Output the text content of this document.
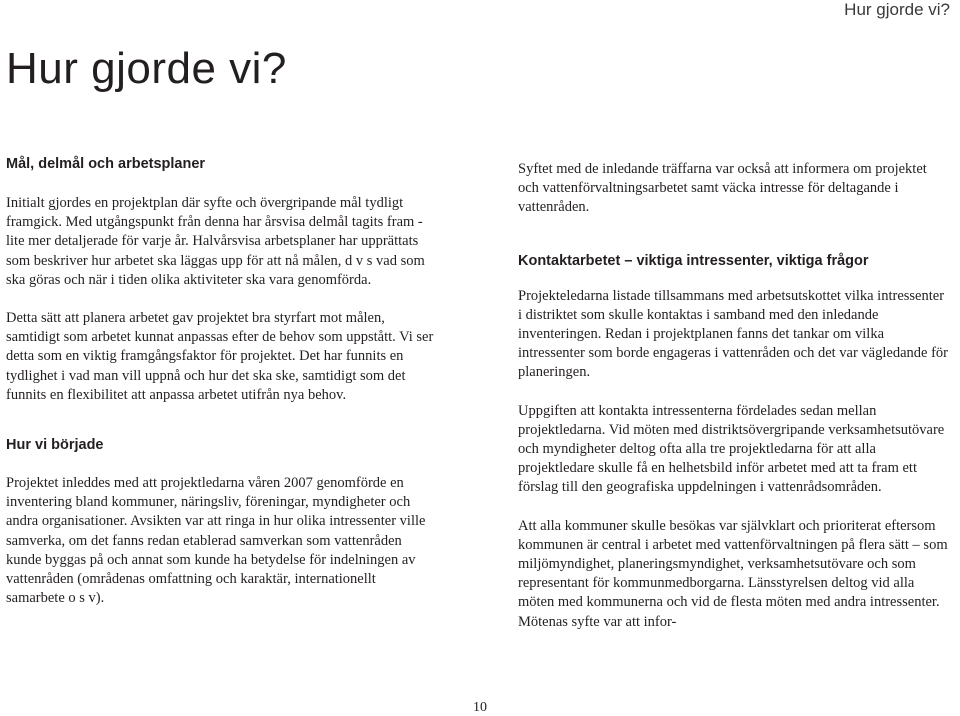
Hur gjorde vi?
Hur gjorde vi?
Mål, delmål och arbetsplaner

Initialt gjordes en projektplan där syfte och övergripande mål tydligt framgick. Med utgångspunkt från denna har årsvisa delmål tagits fram - lite mer detaljerade för varje år. Halvårsvisa arbetsplaner har upprättats som beskriver hur arbetet ska läggas upp för att nå målen, d v s vad som ska göras och när i tiden olika aktiviteter ska vara genomförda.

Detta sätt att planera arbetet gav projektet bra styrfart mot målen, samtidigt som arbetet kunnat anpassas efter de behov som uppstått. Vi ser detta som en viktig framgångsfaktor för projektet. Det har funnits en tydlighet i vad man vill uppnå och hur det ska ske, samtidigt som det funnits en flexibilitet att anpassa arbetet utifrån nya behov.

Hur vi började

Projektet inleddes med att projektledarna våren 2007 genomförde en inventering bland kommuner, näringsliv, föreningar, myndigheter och andra organisationer. Avsikten var att ringa in hur olika intressenter ville samverka, om det fanns redan etablerad samverkan som vattenråden kunde byggas på och annat som kunde ha betydelse för indelningen av vattenråden (områdenas omfattning och karaktär, internationellt samarbete o s v).

Syftet med de inledande träffarna var också att informera om projektet och vattenförvaltningsarbetet samt väcka intresse för deltagande i vattenråden.

Kontaktarbetet – viktiga intressenter, viktiga frågor

Projekteledarna listade tillsammans med arbetsutskottet vilka intressenter i distriktet som skulle kontaktas i samband med den inledande inventeringen. Redan i projektplanen fanns det tankar om vilka intressenter som borde engageras i vattenråden och det var vägledande för planeringen.

Uppgiften att kontakta intressenterna fördelades sedan mellan projektledarna. Vid möten med distriktsövergripande verksamhetsutövare och myndigheter deltog ofta alla tre projektledarna för att alla projektledare skulle få en helhetsbild inför arbetet med att ta fram ett förslag till den geografiska uppdelningen i vattenrådsområden.

Att alla kommuner skulle besökas var självklart och prioriterat eftersom kommunen är central i arbetet med vattenförvaltningen på flera sätt – som miljömyndighet, planeringsmyndighet, verksamhetsutövare och som representant för kommunmedborgarna. Länsstyrelsen deltog vid alla möten med kommunerna och vid de flesta möten med andra intressenter. Mötenas syfte var att infor-

10
